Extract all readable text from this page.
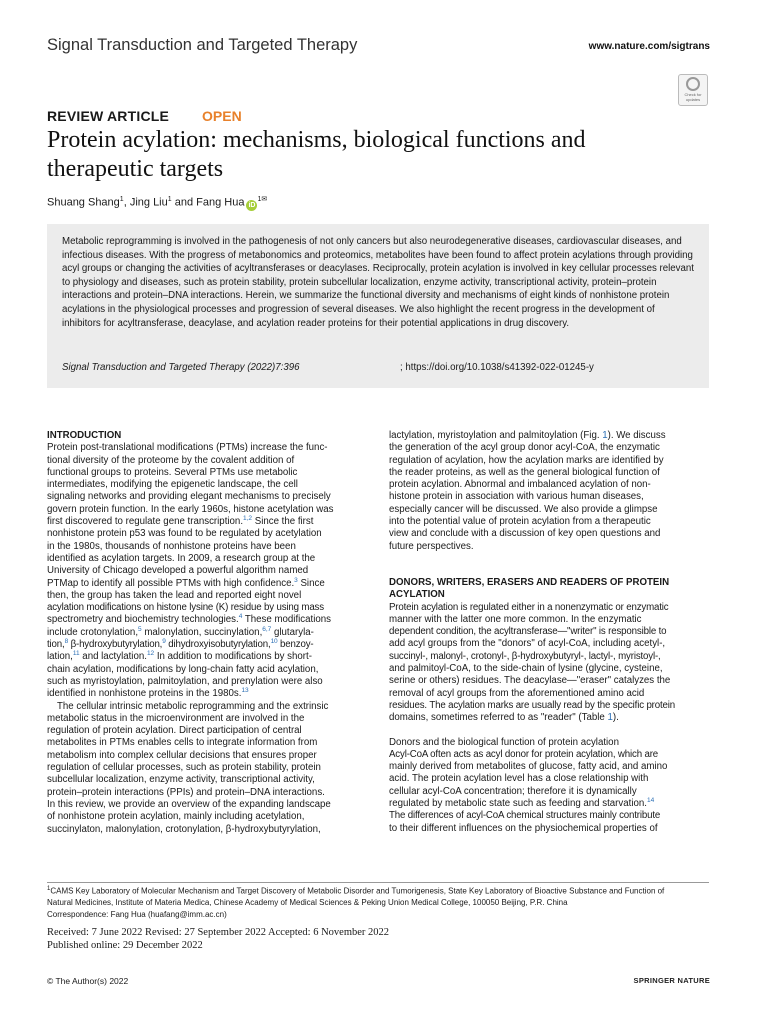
Signal Transduction and Targeted Therapy	www.nature.com/sigtrans
Check for updates
REVIEW ARTICLE OPEN
Protein acylation: mechanisms, biological functions and
therapeutic targets
Shuang Shang$^1$, Jing Liu$^1$ and Fang Hua $iD^{1✉}$
Metabolic reprogramming is involved in the pathogenesis of not only cancers but also neurodegenerative diseases, cardiovascular diseases, and infectious diseases. With the progress of metabonomics and proteomics, metabolites have been found to affect protein acylations through providing acyl groups or changing the activities of acyltransferases or deacylases. Reciprocally, protein acylation is involved in key cellular processes relevant to physiology and diseases, such as protein stability, protein subcellular localization, enzyme activity, transcriptional activity, protein–protein interactions and protein–DNA interactions. Herein, we summarize the functional diversity and mechanisms of eight kinds of nonhistone protein acylations in the physiological processes and progression of several diseases. We also highlight the recent progress in the development of inhibitors for acyltransferase, deacylase, and acylation reader proteins for their potential applications in drug discovery.
Signal Transduction and Targeted Therapy (2022)7:396	; https://doi.org/10.1038/s41392-022-01245-y

INTRODUCTION

Protein post-translational modifications (PTMs) increase the func-

tional diversity of the proteome by the covalent addition of

functional groups to proteins. Several PTMs use metabolic

intermediates, modifying the epigenetic landscape, the cell

signaling networks and providing elegant mechanisms to precisely

govern protein function. In the early 1960s, histone acetylation was

first discovered to regulate gene transcription.$^{1,2}$ Since the first

nonhistone protein p53 was found to be regulated by acetylation

in the 1980s, thousands of nonhistone proteins have been

identified as acylation targets. In 2009, a research group at the

University of Chicago developed a powerful algorithm named

PTMap to identify all possible PTMs with high confidence.$^3$ Since

then, the group has taken the lead and reported eight novel

acylation modifications on histone lysine (K) residue by using mass

spectrometry and biochemistry technologies.$^4$ These modifications

include crotonylation,$^5$ malonylation, succinylation,$^{6,7}$ glutaryla-

tion,$^8$ β-hydroxybutyrylation,$^9$ dihydroxyisobutyrylation,$^{10}$ benzoy-

lation,$^{11}$ and lactylation.$^{12}$ In addition to modifications by short-

chain acylation, modifications by long-chain fatty acid acylation,

such as myristoylation, palmitoylation, and prenylation were also

identified in nonhistone proteins in the 1980s.$^{13}$

The cellular intrinsic metabolic reprogramming and the extrinsic

metabolic status in the microenvironment are involved in the

regulation of protein acylation. Direct participation of central

metabolites in PTMs enables cells to integrate information from

metabolism into complex cellular decisions that ensures proper

regulation of cellular processes, such as protein stability, protein

subcellular localization, enzyme activity, transcriptional activity,

protein–protein interactions (PPIs) and protein–DNA interactions.

In this review, we provide an overview of the expanding landscape

of nonhistone protein acylation, mainly including acetylation,

succinylaton, malonylation, crotonylation, β-hydroxybutyrylation,

lactylation, myristoylation and palmitoylation (Fig. 1). We discuss

the generation of the acyl group donor acyl-CoA, the enzymatic

regulation of acylation, how the acylation marks are identified by

the reader proteins, as well as the general biological function of

protein acylation. Abnormal and imbalanced acylation of non-

histone protein in association with various human diseases,

especially cancer will be discussed. We also provide a glimpse

into the potential value of protein acylation from a therapeutic

view and conclude with a discussion of key open questions and

future perspectives.

DONORS, WRITERS, ERASERS AND READERS OF PROTEIN

ACYLATION

Protein acylation is regulated either in a nonenzymatic or enzymatic

manner with the latter one more common. In the enzymatic

dependent condition, the acyltransferase—"writer" is responsible to

add acyl groups from the "donors" of acyl-CoA, including acetyl-,

succinyl-, malonyl-, crotonyl-, β-hydroxybutyryl-, lactyl-, myristoyl-,

and palmitoyl-CoA, to the side-chain of lysine (glycine, cysteine,

serine or others) residues. The deacylase—"eraser" catalyzes the

removal of acyl groups from the aforementioned amino acid

residues. The acylation marks are usually read by the specific protein

domains, sometimes referred to as "reader" (Table 1).

Donors and the biological function of protein acylation

Acyl-CoA often acts as acyl donor for protein acylation, which are

mainly derived from metabolites of glucose, fatty acid, and amino

acid. The protein acylation level has a close relationship with

cellular acyl-CoA concentration; therefore it is dynamically

regulated by metabolic state such as feeding and starvation.$^{14}$

The differences of acyl-CoA chemical structures mainly contribute

to their different influences on the physiochemical properties of

$^1$CAMS Key Laboratory of Molecular Mechanism and Target Discovery of Metabolic Disorder and Tumorigenesis, State Key Laboratory of Bioactive Substance and Function of
Natural Medicines, Institute of Materia Medica, Chinese Academy of Medical Sciences & Peking Union Medical College, 100050 Beijing, P.R. China
Correspondence: Fang Hua (huafang@imm.ac.cn)
Received: 7 June 2022 Revised: 27 September 2022 Accepted: 6 November 2022
Published online: 29 December 2022
© The Author(s) 2022	SPRINGER NATURE
